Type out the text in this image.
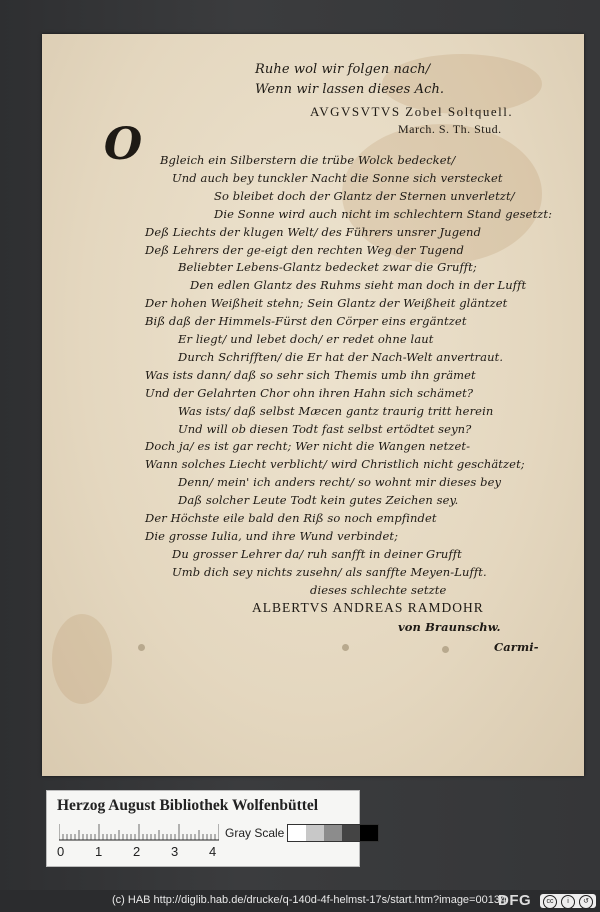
Ruhe wol wir folgen nach/
Wenn wir lassen dieses Ach.
AVGVSVTVS Zobel Soltquell.
March. S. Th. Stud.
O Bgleich ein Silberstern die trübe Wolck bedecket/
Und auch bey tunckler Nacht die Sonne sich verstecket
So bleibet doch der Glantz der Sternen unverletzt/
Die Sonne wird auch nicht im schlechtern Stand gesetzt:
Deß Liechts der klugen Welt/ des Führers unsrer Jugend
Deß Lehrers der ge-eigt den rechten Weg der Tugend
Beliebter Lebens-Glantz bedecket zwar die Grufft;
Den edlen Glantz des Ruhms sieht man doch in der Lufft
Der hohen Weißheit stehn; Sein Glantz der Weißheit gläntzet
Biß daß der Himmels-Fürst den Cörper eins ergäntzet
Er liegt/ und lebet doch/ er redet ohne laut
Durch Schrifften/ die Er hat der Nach-Welt anvertraut.
Was ists dann/ daß so sehr sich Themis umb ihn grämet
Und der Gelahrten Chor ohn ihren Hahn sich schämet?
Was ists/ daß selbst Mæcen gantz traurig tritt herein
Und will ob diesen Todt fast selbst ertödtet seyn?
Doch ja/ es ist gar recht; Wer nicht die Wangen netzet-
Wann solches Liecht verblicht/ wird Christlich nicht geschätzet;
Denn/ mein' ich anders recht/ so wohnt mir dieses bey
Daß solcher Leute Todt kein gutes Zeichen sey.
Der Höchste eile bald den Riß so noch empfindet
Die grosse Iulia, und ihre Wund verbindet;
Du grosser Lehrer da/ ruh sanfft in deiner Grufft
Umb dich sey nichts zusehn/ als sanffte Meyen-Lufft.
dieses schlechte setzte
ALBERTVS ANDREAS RAMDOHR
von Braunschw.
Carmi-
Herzog August Bibliothek Wolfenbüttel
0 1 2 3 4
Gray Scale
(c) HAB http://diglib.hab.de/drucke/q-140d-4f-helmst-17s/start.htm?image=00134
DFG	cc	i	↺
